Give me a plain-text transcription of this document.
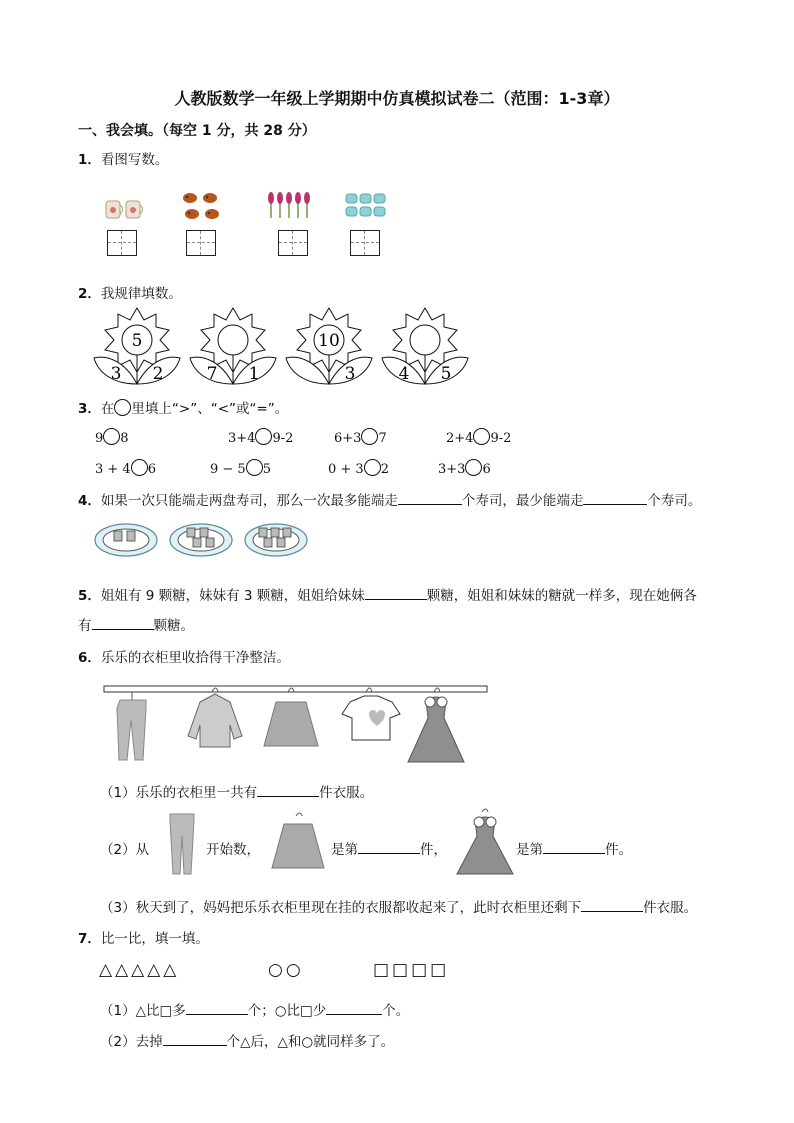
人教版数学一年级上学期期中仿真模拟试卷二（范围：1-3章）
一、我会填。（每空 1 分，共 28 分）
1．看图写数。
2．我规律填数。
5
3 2	7 1
10
3	4 5
3．在 里填上“>”、“<”或“=”。
9 8	3+4 9-2	6+3 7	2+4 9-2
3 + 4 6	9 − 5 5	0 + 3 2	3+3 6
4．如果一次只能端走两盘寿司，那么一次最多能端走	个寿司，最少能端走	个寿司。
5．姐姐有 9 颗糖，妹妹有 3 颗糖，姐姐给妹妹	颗糖，姐姐和妹妹的糖就一样多，现在她俩各
有	颗糖。
6．乐乐的衣柜里收拾得干净整洁。
（1）乐乐的衣柜里一共有	件衣服。
（2）从	开始数，	是第	件，	是第	件。
（3）秋天到了，妈妈把乐乐衣柜里现在挂的衣服都收起来了，此时衣柜里还剩下	件衣服。
7．比一比，填一填。
△△△△△	○○	□□□□
（1）△比□多	个；○比□少	个。
（2）去掉	个△后，△和○就同样多了。
